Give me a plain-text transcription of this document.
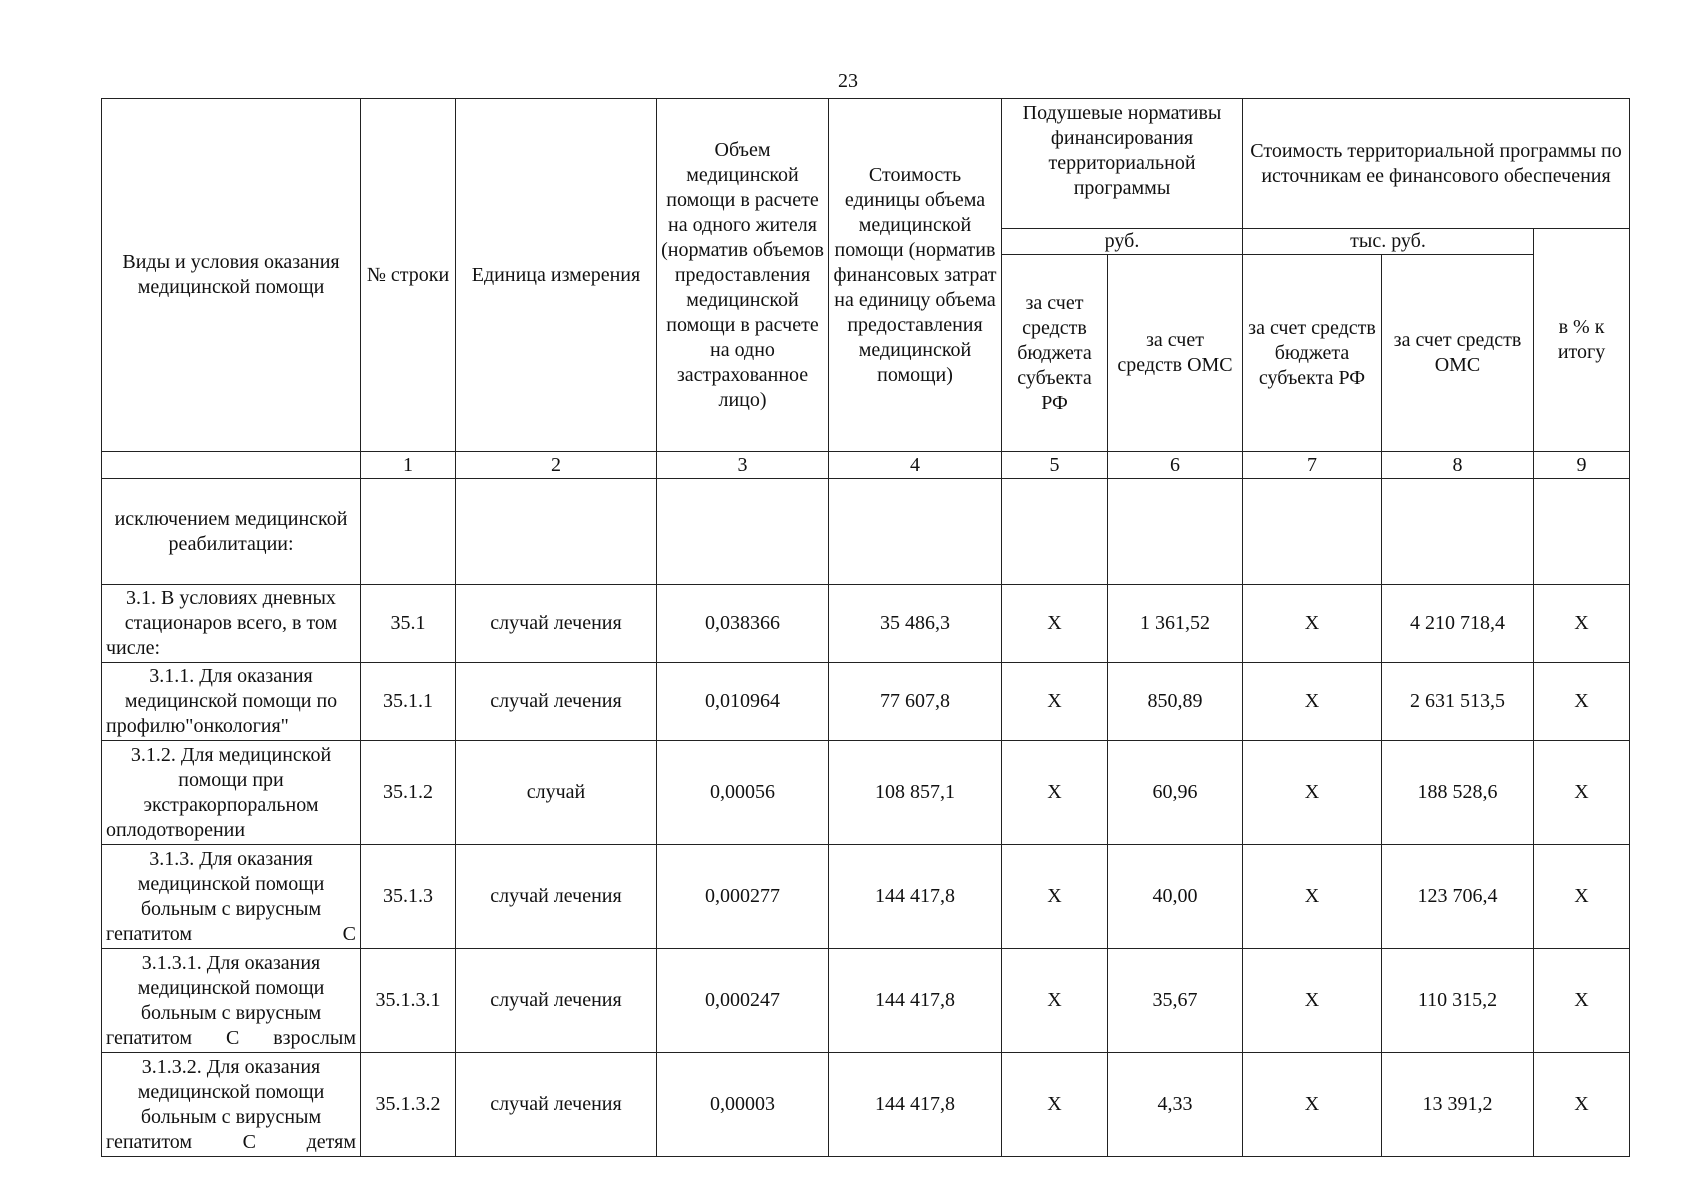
23
Виды и условия оказания медицинской помощи	№ строки	Единица измерения	Объем медицинской помощи в расчете на одного жителя (норматив объемов предоставления медицинской помощи в расчете на одно застрахованное лицо)	Стоимость единицы объема медицинской помощи (норматив финансовых затрат на единицу объема предоставления медицинской помощи)	Подушевые нормативы финансирования территориальной программы		Стоимость территориальной программы по источникам ее финансового обеспечения		
					руб.		тыс. руб.		в % к итогу
					за счет средств бюджета субъекта РФ	за счет средств ОМС	за счет средств бюджета субъекта РФ	за счет средств ОМС	
	1	2	3	4	5	6	7	8	9
исключением медицинской реабилитации:									
3.1. В условиях дневных стационаров всего, в том числе:	35.1	случай лечения	0,038366	35 486,3	Х	1 361,52	Х	4 210 718,4	Х
3.1.1. Для оказания медицинской помощи по профилю"онкология"	35.1.1	случай лечения	0,010964	77 607,8	Х	850,89	Х	2 631 513,5	Х
3.1.2. Для медицинской помощи при экстракорпоральном оплодотворении	35.1.2	случай	0,00056	108 857,1	Х	60,96	Х	188 528,6	Х
3.1.3. Для оказания медицинской помощи больным с вирусным гепатитом С	35.1.3	случай лечения	0,000277	144 417,8	Х	40,00	Х	123 706,4	Х
3.1.3.1. Для оказания медицинской помощи больным с вирусным гепатитом С взрослым	35.1.3.1	случай лечения	0,000247	144 417,8	Х	35,67	Х	110 315,2	Х
3.1.3.2. Для оказания медицинской помощи больным с вирусным гепатитом С детям	35.1.3.2	случай лечения	0,00003	144 417,8	Х	4,33	Х	13 391,2	Х
